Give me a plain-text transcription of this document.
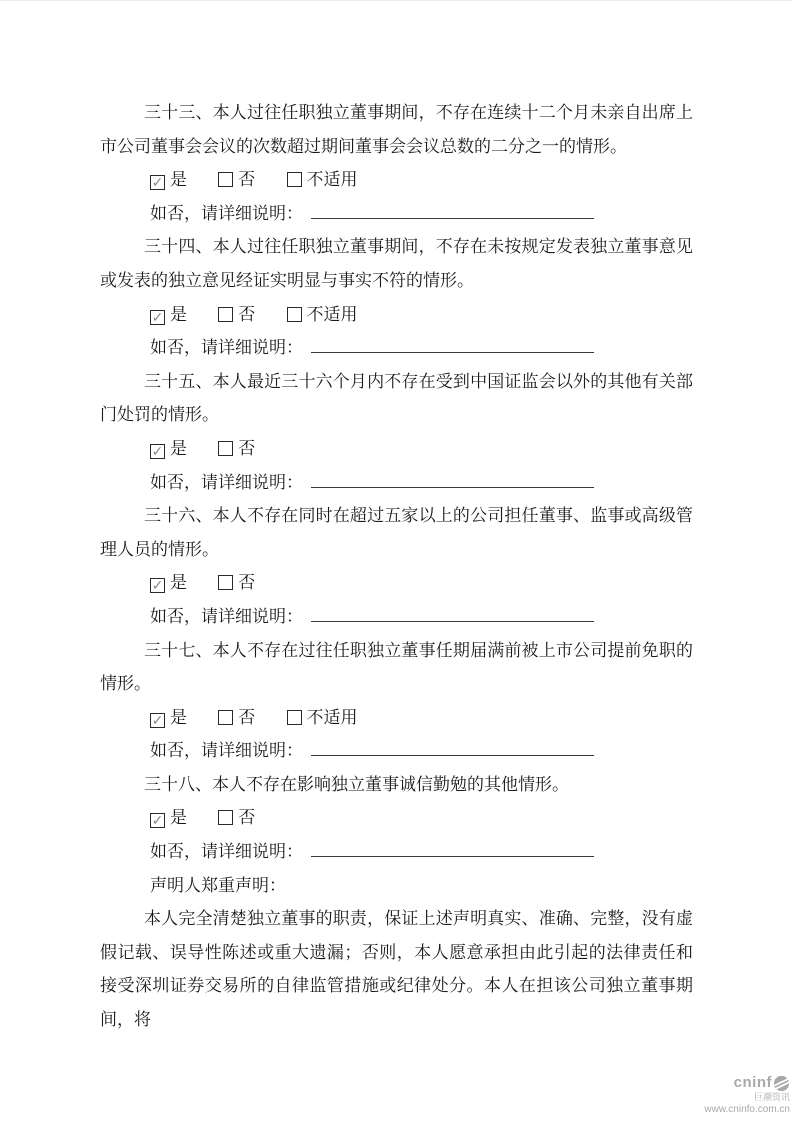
三十三、本人过往任职独立董事期间，不存在连续十二个月未亲自出席上市公司董事会会议的次数超过期间董事会会议总数的二分之一的情形。

✓ 是	否	不适用
如否，请详细说明：

三十四、本人过往任职独立董事期间，不存在未按规定发表独立董事意见或发表的独立意见经证实明显与事实不符的情形。

✓ 是	否	不适用
如否，请详细说明：

三十五、本人最近三十六个月内不存在受到中国证监会以外的其他有关部门处罚的情形。

✓ 是	否
如否，请详细说明：

三十六、本人不存在同时在超过五家以上的公司担任董事、监事或高级管理人员的情形。

✓ 是	否
如否，请详细说明：

三十七、本人不存在过往任职独立董事任期届满前被上市公司提前免职的情形。

✓ 是	否	不适用
如否，请详细说明：

三十八、本人不存在影响独立董事诚信勤勉的其他情形。

✓ 是	否
如否，请详细说明：

声明人郑重声明：

本人完全清楚独立董事的职责，保证上述声明真实、准确、完整，没有虚假记载、误导性陈述或重大遗漏；否则，本人愿意承担由此引起的法律责任和接受深圳证券交易所的自律监管措施或纪律处分。本人在担该公司独立董事期间，将

cninf
巨潮资讯
www.cninfo.com.cn
